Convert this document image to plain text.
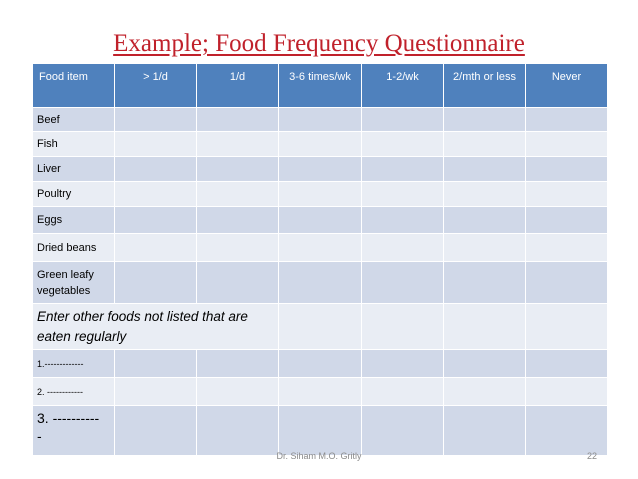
Example; Food Frequency Questionnaire
Food item	> 1/d	1/d	3-6 times/wk	1-2/wk	2/mth or less	Never
Beef						
Fish						
Liver						
Poultry						
Eggs						
Dried beans						
Green leafy vegetables						
Enter other foods not listed that are eaten regularly						
1.-------------						
2. ------------						
3. ----------
-						
Dr. Siham M.O. Gritly	22
